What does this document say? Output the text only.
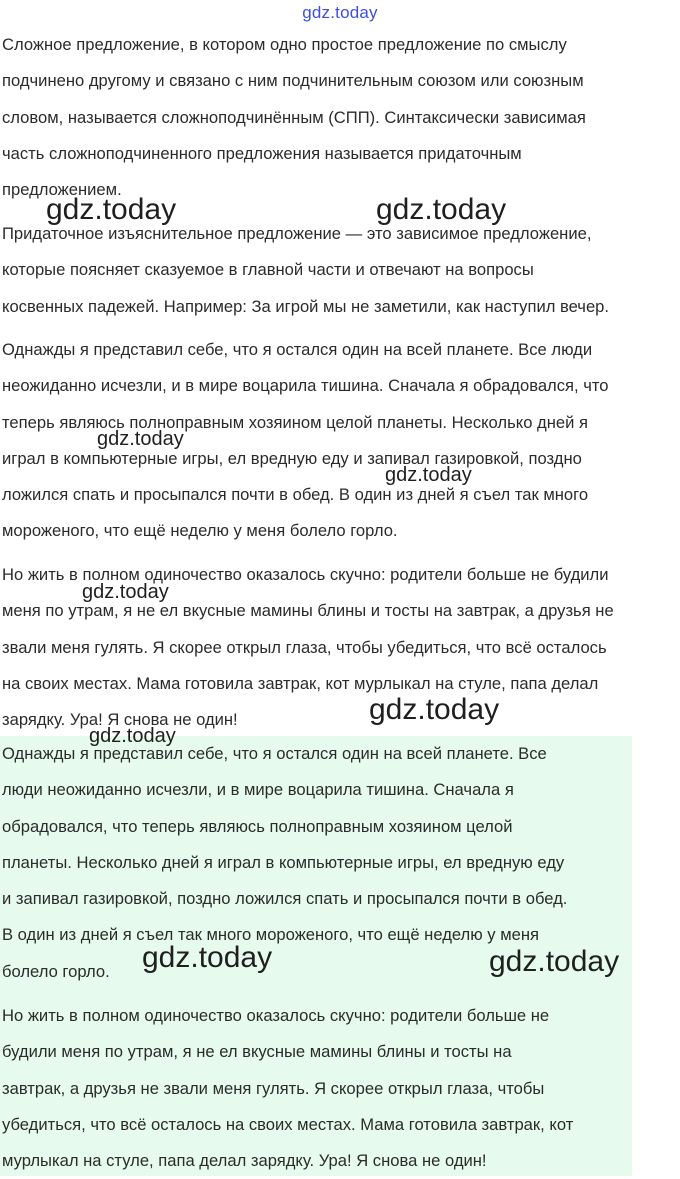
gdz.today

Сложное предложение, в котором одно простое предложение по смыслу
подчинено другому и связано с ним подчинительным союзом или союзным
словом, называется сложноподчинённым (СПП). Синтаксически зависимая
часть сложноподчиненного предложения называется придаточным
предложением.

Придаточное изъяснительное предложение — это зависимое предложение,
которые поясняет сказуемое в главной части и отвечают на вопросы
косвенных падежей. Например: За игрой мы не заметили, как наступил вечер.

Однажды я представил себе, что я остался один на всей планете. Все люди
неожиданно исчезли, и в мире воцарила тишина. Сначала я обрадовался, что
теперь являюсь полноправным хозяином целой планеты. Несколько дней я
играл в компьютерные игры, ел вредную еду и запивал газировкой, поздно
ложился спать и просыпался почти в обед. В один из дней я съел так много
мороженого, что ещё неделю у меня болело горло.

Но жить в полном одиночество оказалось скучно: родители больше не будили
меня по утрам, я не ел вкусные мамины блины и тосты на завтрак, а друзья не
звали меня гулять. Я скорее открыл глаза, чтобы убедиться, что всё осталось
на своих местах. Мама готовила завтрак, кот мурлыкал на стуле, папа делал
зарядку. Ура! Я снова не один!

Однажды я представил себе, что я остался один на всей планете. Все
люди неожиданно исчезли, и в мире воцарила тишина. Сначала я
обрадовался, что теперь являюсь полноправным хозяином целой
планеты. Несколько дней я играл в компьютерные игры, ел вредную еду
и запивал газировкой, поздно ложился спать и просыпался почти в обед.
В один из дней я съел так много мороженого, что ещё неделю у меня
болело горло.

Но жить в полном одиночество оказалось скучно: родители больше не
будили меня по утрам, я не ел вкусные мамины блины и тосты на
завтрак, а друзья не звали меня гулять. Я скорее открыл глаза, чтобы
убедиться, что всё осталось на своих местах. Мама готовила завтрак, кот
мурлыкал на стуле, папа делал зарядку. Ура! Я снова не один!

gdz.today	gdz.today
gdz.today
gdz.today
gdz.today
gdz.today
gdz.today
gdz.today	gdz.today
